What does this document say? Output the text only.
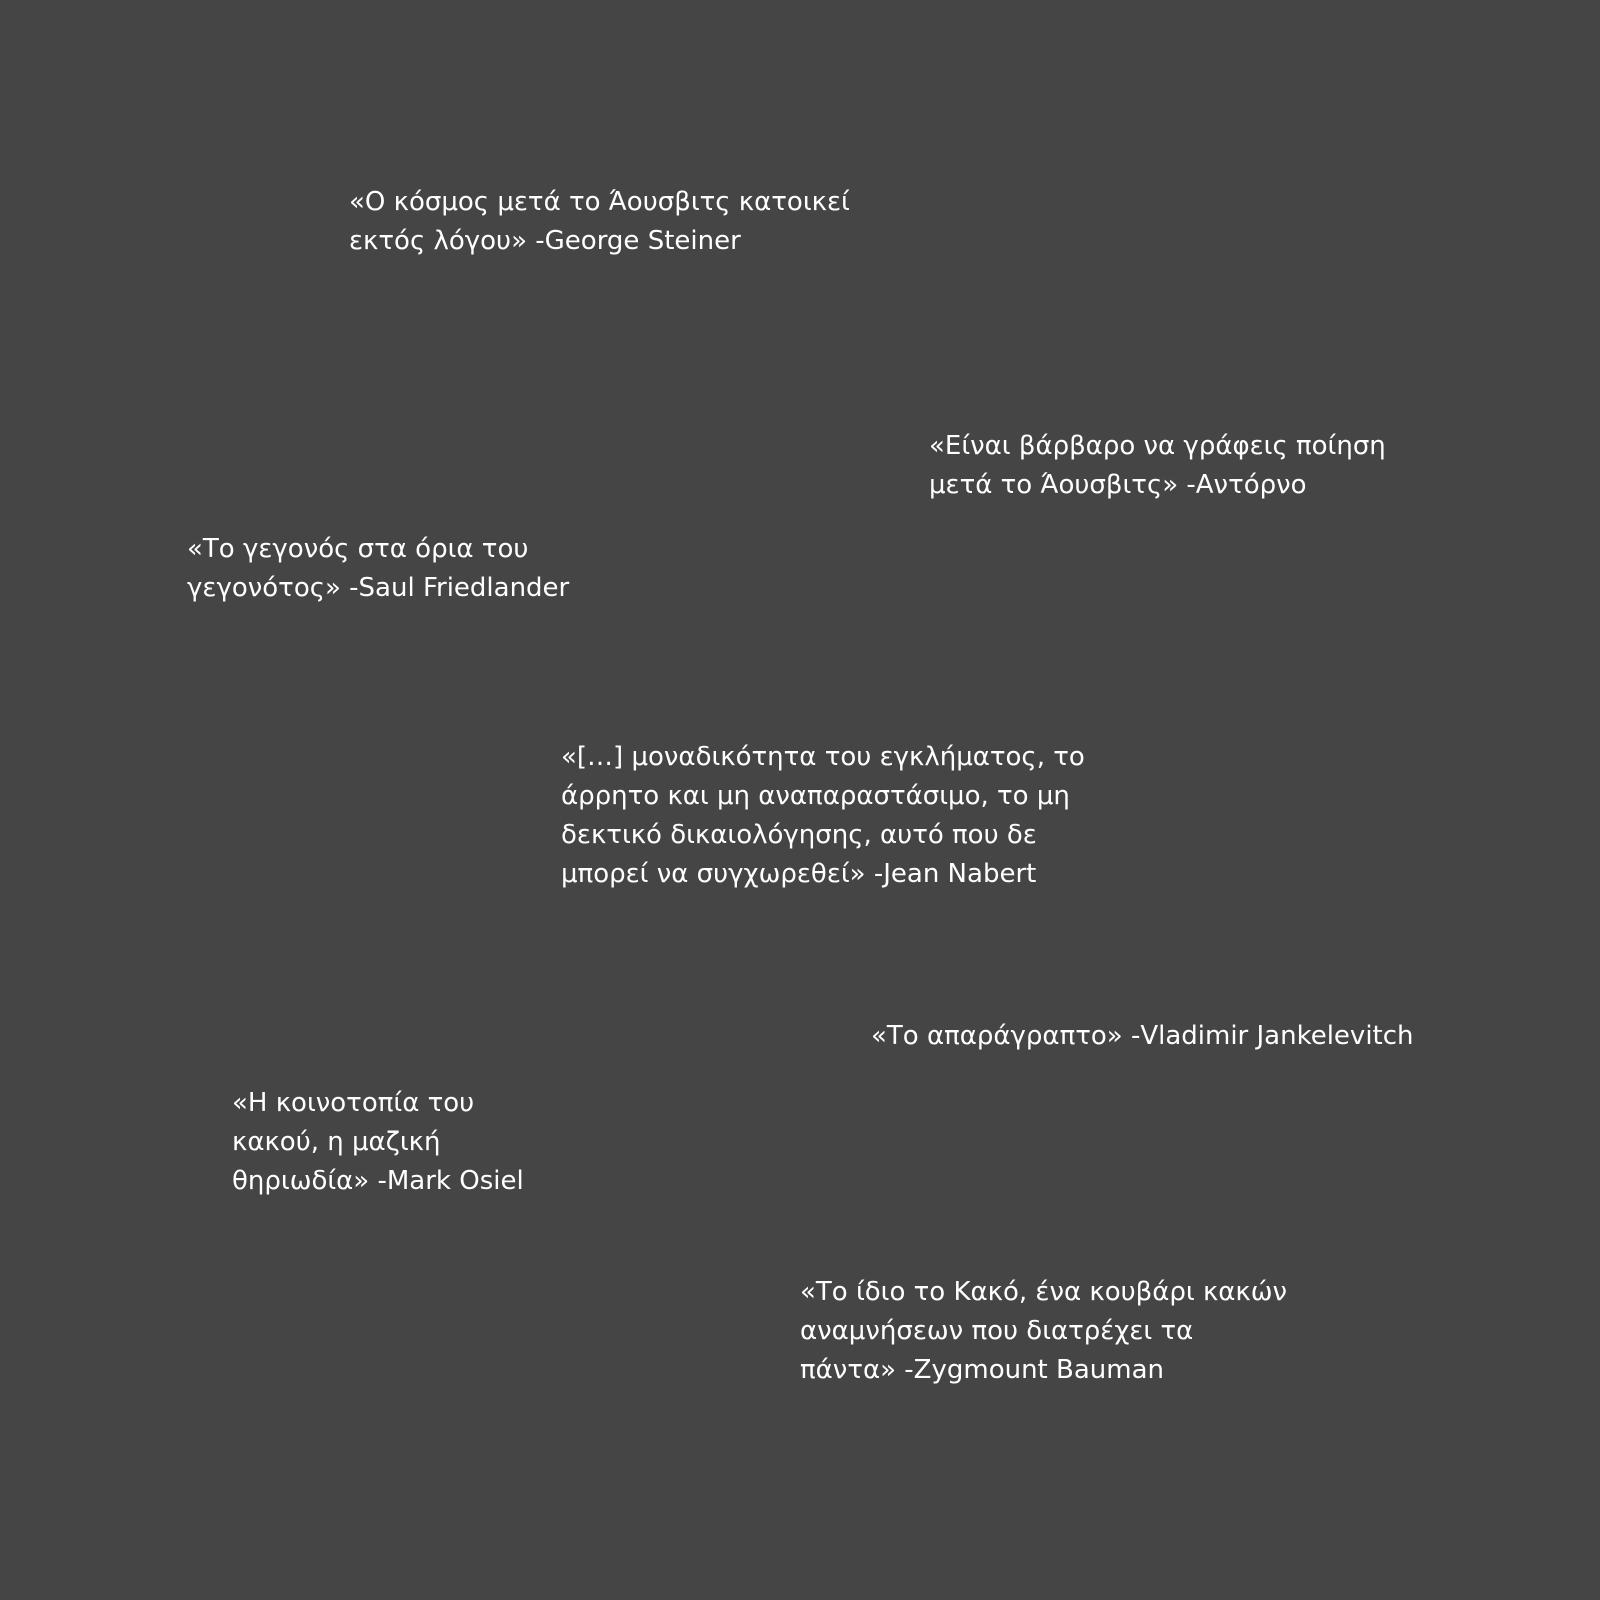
«Ο κόσμος μετά το Άουσβιτς κατοικεί
εκτός λόγου» -George Steiner

«Είναι βάρβαρο να γράφεις ποίηση
μετά το Άουσβιτς» -Αντόρνο

«Το γεγονός στα όρια του
γεγονότος» -Saul Friedlander

«[…] μοναδικότητα του εγκλήματος, το
άρρητο και μη αναπαραστάσιμο, το μη
δεκτικό δικαιολόγησης, αυτό που δε
μπορεί να συγχωρεθεί» -Jean Nabert

«Το απαράγραπτο» -Vladimir Jankelevitch

«Η κοινοτοπία του
κακού, η μαζική
θηριωδία» -Mark Osiel

«Το ίδιο το Κακό, ένα κουβάρι κακών
αναμνήσεων που διατρέχει τα
πάντα» -Zygmount Bauman
